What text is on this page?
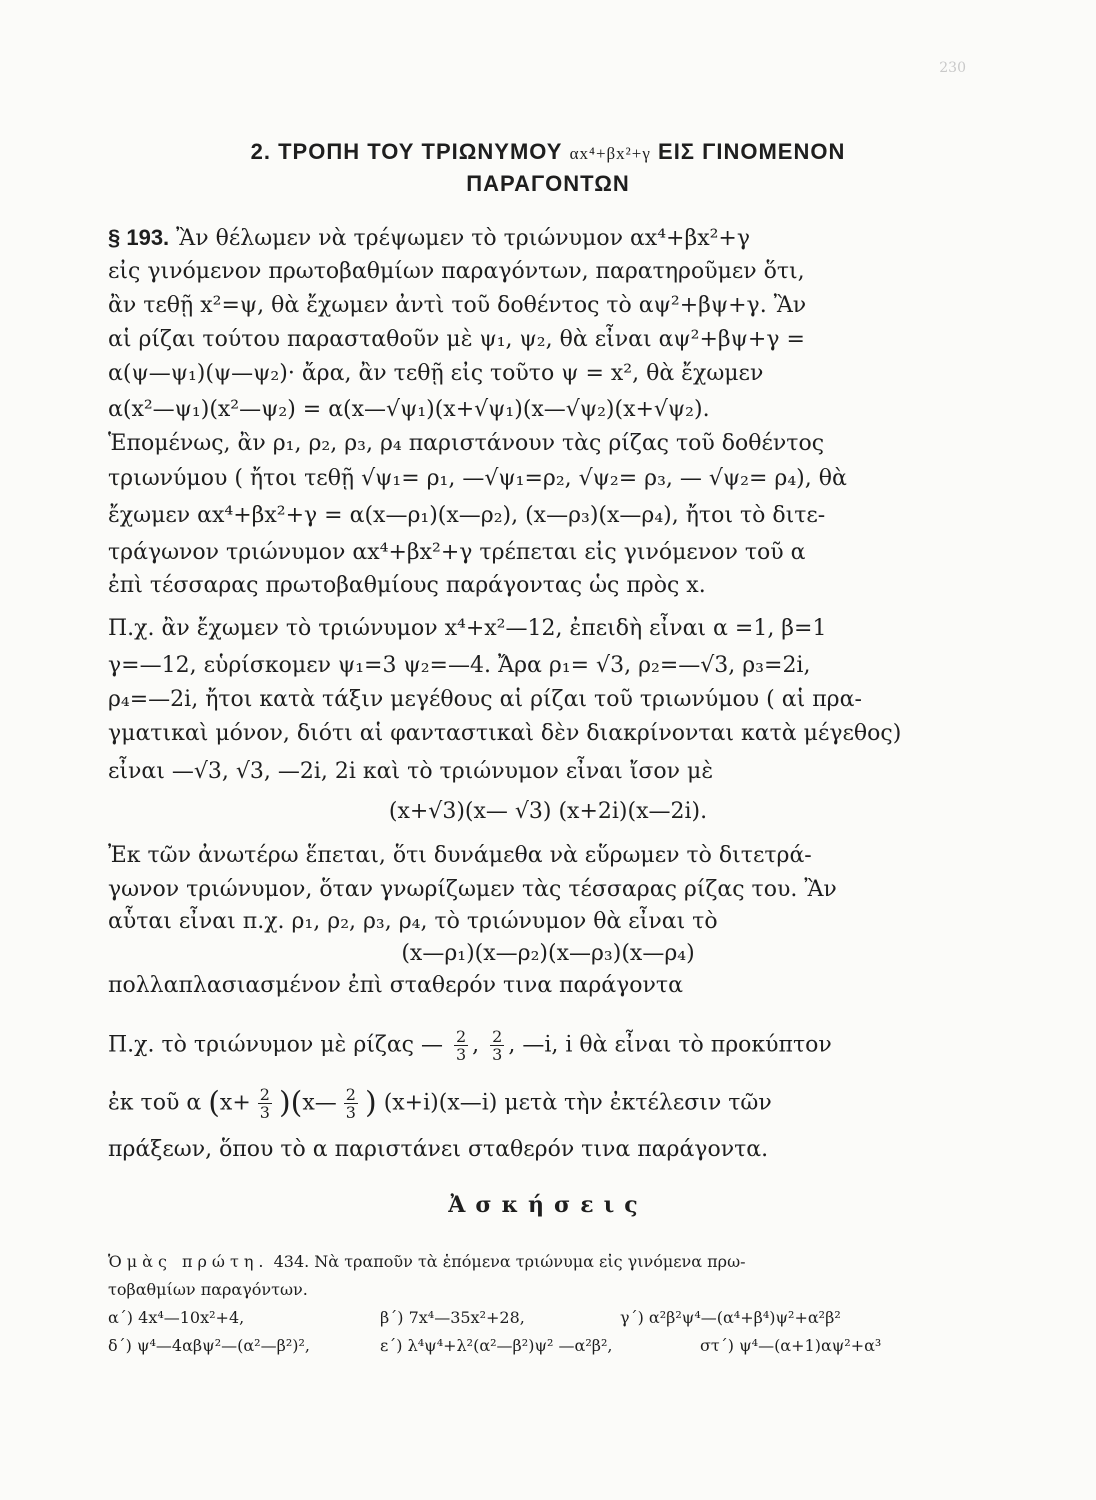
230
2. ΤΡΟΠΗ ΤΟΥ ΤΡΙΩΝΥΜΟΥ αx⁴+βx²+γ ΕΙΣ ΓΙΝΟΜΕΝΟΝ
ΠΑΡΑΓΟΝΤΩΝ
§ 193. Ἂν θέλωμεν νὰ τρέψωμεν τὸ τριώνυμον αx⁴+βx²+γ
εἰς γινόμενον πρωτοβαθμίων παραγόντων, παρατηροῦμεν ὅτι,
ἂν τεθῇ x²=ψ, θὰ ἔχωμεν ἀντὶ τοῦ δοθέντος τὸ αψ²+βψ+γ. Ἂν
αἱ ρίζαι τούτου παρασταθοῦν μὲ ψ₁, ψ₂, θὰ εἶναι αψ²+βψ+γ =
α(ψ—ψ₁)(ψ—ψ₂)· ἄρα, ἂν τεθῇ εἰς τοῦτο ψ = x², θὰ ἔχωμεν
α(x²—ψ₁)(x²—ψ₂) = α(x—√ψ₁)(x+√ψ₁)(x—√ψ₂)(x+√ψ₂).
Ἑπομένως, ἂν ρ₁, ρ₂, ρ₃, ρ₄ παριστάνουν τὰς ρίζας τοῦ δοθέντος
τριωνύμου ( ἤτοι τεθῇ √ψ₁= ρ₁, —√ψ₁=ρ₂, √ψ₂= ρ₃, — √ψ₂= ρ₄), θὰ
ἔχωμεν αx⁴+βx²+γ = α(x—ρ₁)(x—ρ₂), (x—ρ₃)(x—ρ₄), ἤτοι τὸ διτε-
τράγωνον τριώνυμον αx⁴+βx²+γ τρέπεται εἰς γινόμενον τοῦ α
ἐπὶ τέσσαρας πρωτοβαθμίους παράγοντας ὡς πρὸς x.
Π.χ. ἂν ἔχωμεν τὸ τριώνυμον x⁴+x²—12, ἐπειδὴ εἶναι α =1, β=1
γ=—12, εὑρίσκομεν ψ₁=3 ψ₂=—4. Ἄρα ρ₁= √3, ρ₂=—√3, ρ₃=2i,
ρ₄=—2i, ἤτοι κατὰ τάξιν μεγέθους αἱ ρίζαι τοῦ τριωνύμου ( αἱ πρα-
γματικαὶ μόνον, διότι αἱ φανταστικαὶ δὲν διακρίνονται κατὰ μέγεθος)
εἶναι —√3, √3, —2i, 2i καὶ τὸ τριώνυμον εἶναι ἴσον μὲ
(x+√3)(x— √3) (x+2i)(x—2i).
Ἐκ τῶν ἀνωτέρω ἕπεται, ὅτι δυνάμεθα νὰ εὕρωμεν τὸ διτετρά-
γωνον τριώνυμον, ὅταν γνωρίζωμεν τὰς τέσσαρας ρίζας του. Ἂν
αὗται εἶναι π.χ. ρ₁, ρ₂, ρ₃, ρ₄, τὸ τριώνυμον θὰ εἶναι τὸ
(x—ρ₁)(x—ρ₂)(x—ρ₃)(x—ρ₄)
πολλαπλασιασμένον ἐπὶ σταθερόν τινα παράγοντα
Π.χ. τὸ τριώνυμον μὲ ρίζας — $\frac{2}{3}$ , $\frac{2}{3}$ , —i, i θὰ εἶναι τὸ προκύπτον
ἐκ τοῦ α ($x+ \frac{2}{3}$ )(x— $\frac{2}{3}$ ) (x+i)(x—i) μετὰ τὴν ἐκτέλεσιν τῶν
πράξεων, ὅπου τὸ α παριστάνει σταθερόν τινα παράγοντα.
Ἀσκήσεις
Ὁμὰς πρώτη. 434. Νὰ τραποῦν τὰ ἑπόμενα τριώνυμα εἰς γινόμενα πρω-
τοβαθμίων παραγόντων.
α΄) 4x⁴—10x²+4,	β΄) 7x⁴—35x²+28,	γ΄) α²β²ψ⁴—(α⁴+β⁴)ψ²+α²β²
δ΄) ψ⁴—4αβψ²—(α²—β²)²,	ε΄) λ⁴ψ⁴+λ²(α²—β²)ψ² —α²β²,	στ΄) ψ⁴—(α+1)αψ²+α³
